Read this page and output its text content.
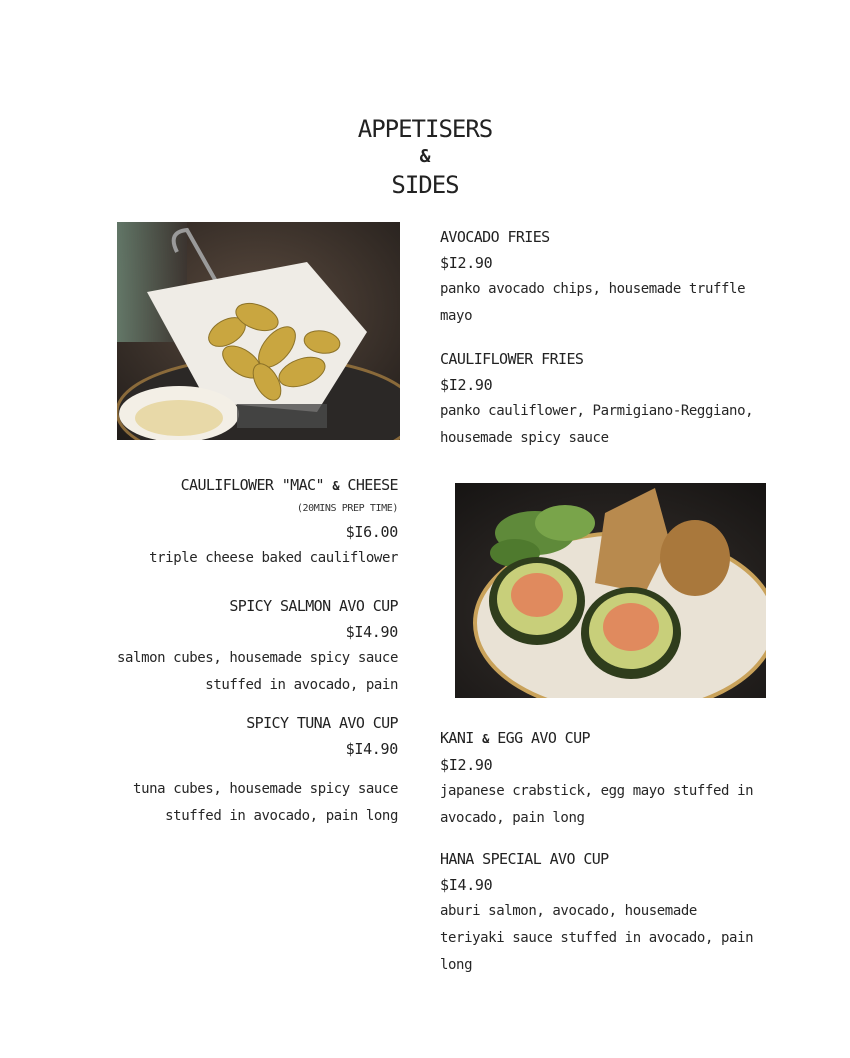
APPETISERS
&
SIDES
AVOCADO FRIES
$I2.90
panko avocado chips, housemade truffle
mayo
CAULIFLOWER FRIES
$I2.90
panko cauliflower, Parmigiano-Reggiano,
housemade spicy sauce
CAULIFLOWER "MAC" & CHEESE
(20MINS PREP TIME)
$I6.00
triple cheese baked cauliflower
SPICY SALMON AVO CUP
$I4.90
salmon cubes, housemade spicy sauce
stuffed in avocado, pain
SPICY TUNA AVO CUP
$I4.90
tuna cubes, housemade spicy sauce
stuffed in avocado, pain long
KANI & EGG AVO CUP
$I2.90
japanese crabstick, egg mayo stuffed in
avocado, pain long
HANA SPECIAL AVO CUP
$I4.90
aburi salmon, avocado, housemade
teriyaki sauce stuffed in avocado, pain
long
